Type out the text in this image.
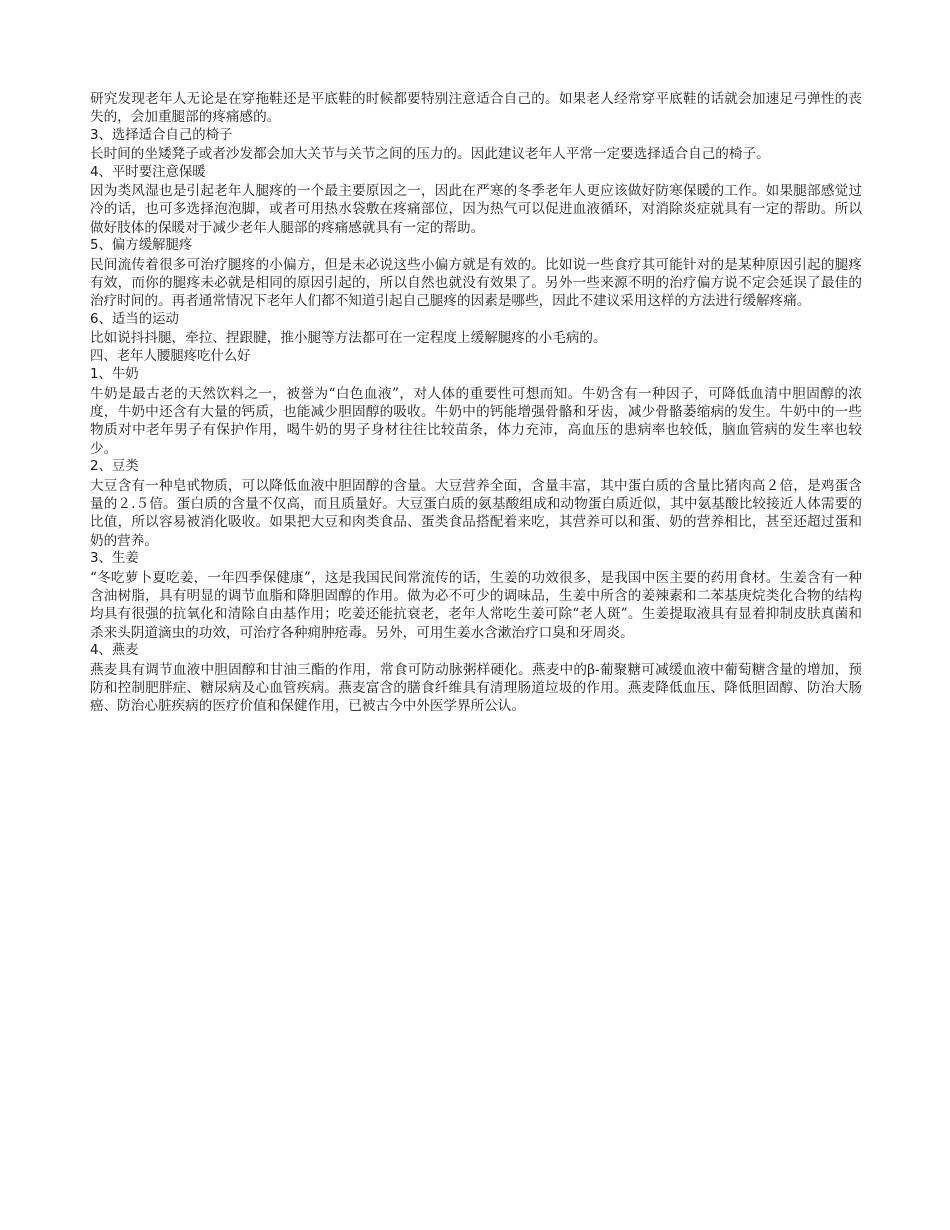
研究发现老年人无论是在穿拖鞋还是平底鞋的时候都要特别注意适合自己的。如果老人经常穿平底鞋的话就会加速足弓弹性的丧失的，会加重腿部的疼痛感的。

3、选择适合自己的椅子

长时间的坐矮凳子或者沙发都会加大关节与关节之间的压力的。因此建议老年人平常一定要选择适合自己的椅子。

4、平时要注意保暖

因为类风湿也是引起老年人腿疼的一个最主要原因之一，因此在严寒的冬季老年人更应该做好防寒保暖的工作。如果腿部感觉过冷的话，也可多选择泡泡脚，或者可用热水袋敷在疼痛部位，因为热气可以促进血液循环，对消除炎症就具有一定的帮助。所以做好肢体的保暖对于减少老年人腿部的疼痛感就具有一定的帮助。

5、偏方缓解腿疼

民间流传着很多可治疗腿疼的小偏方，但是未必说这些小偏方就是有效的。比如说一些食疗其可能针对的是某种原因引起的腿疼有效，而你的腿疼未必就是相同的原因引起的，所以自然也就没有效果了。另外一些来源不明的治疗偏方说不定会延误了最佳的治疗时间的。再者通常情况下老年人们都不知道引起自己腿疼的因素是哪些，因此不建议采用这样的方法进行缓解疼痛。

6、适当的运动

比如说抖抖腿，牵拉、捏跟腱，推小腿等方法都可在一定程度上缓解腿疼的小毛病的。

四、老年人腰腿疼吃什么好

1、牛奶

牛奶是最古老的天然饮料之一，被誉为“白色血液”，对人体的重要性可想而知。牛奶含有一种因子，可降低血清中胆固醇的浓度，牛奶中还含有大量的钙质，也能减少胆固醇的吸收。牛奶中的钙能增强骨骼和牙齿，减少骨骼萎缩病的发生。牛奶中的一些物质对中老年男子有保护作用，喝牛奶的男子身材往往比较苗条，体力充沛，高血压的患病率也较低，脑血管病的发生率也较少。

2、豆类

大豆含有一种皂甙物质，可以降低血液中胆固醇的含量。大豆营养全面，含量丰富，其中蛋白质的含量比猪肉高２倍，是鸡蛋含量的２.５倍。蛋白质的含量不仅高，而且质量好。大豆蛋白质的氨基酸组成和动物蛋白质近似，其中氨基酸比较接近人体需要的比值，所以容易被消化吸收。如果把大豆和肉类食品、蛋类食品搭配着来吃，其营养可以和蛋、奶的营养相比，甚至还超过蛋和奶的营养。

3、生姜

“冬吃萝卜夏吃姜，一年四季保健康”，这是我国民间常流传的话，生姜的功效很多，是我国中医主要的药用食材。生姜含有一种含油树脂，具有明显的调节血脂和降胆固醇的作用。做为必不可少的调味品，生姜中所含的姜辣素和二苯基庚烷类化合物的结构均具有很强的抗氧化和清除自由基作用；吃姜还能抗衰老，老年人常吃生姜可除“老人斑”。生姜提取液具有显着抑制皮肤真菌和杀来头阴道滴虫的功效，可治疗各种痈肿疮毒。另外，可用生姜水含漱治疗口臭和牙周炎。

4、燕麦

燕麦具有调节血液中胆固醇和甘油三酯的作用，常食可防动脉粥样硬化。燕麦中的β-葡聚糖可减缓血液中葡萄糖含量的增加，预防和控制肥胖症、糖尿病及心血管疾病。燕麦富含的膳食纤维具有清理肠道垃圾的作用。燕麦降低血压、降低胆固醇、防治大肠癌、防治心脏疾病的医疗价值和保健作用，已被古今中外医学界所公认。
